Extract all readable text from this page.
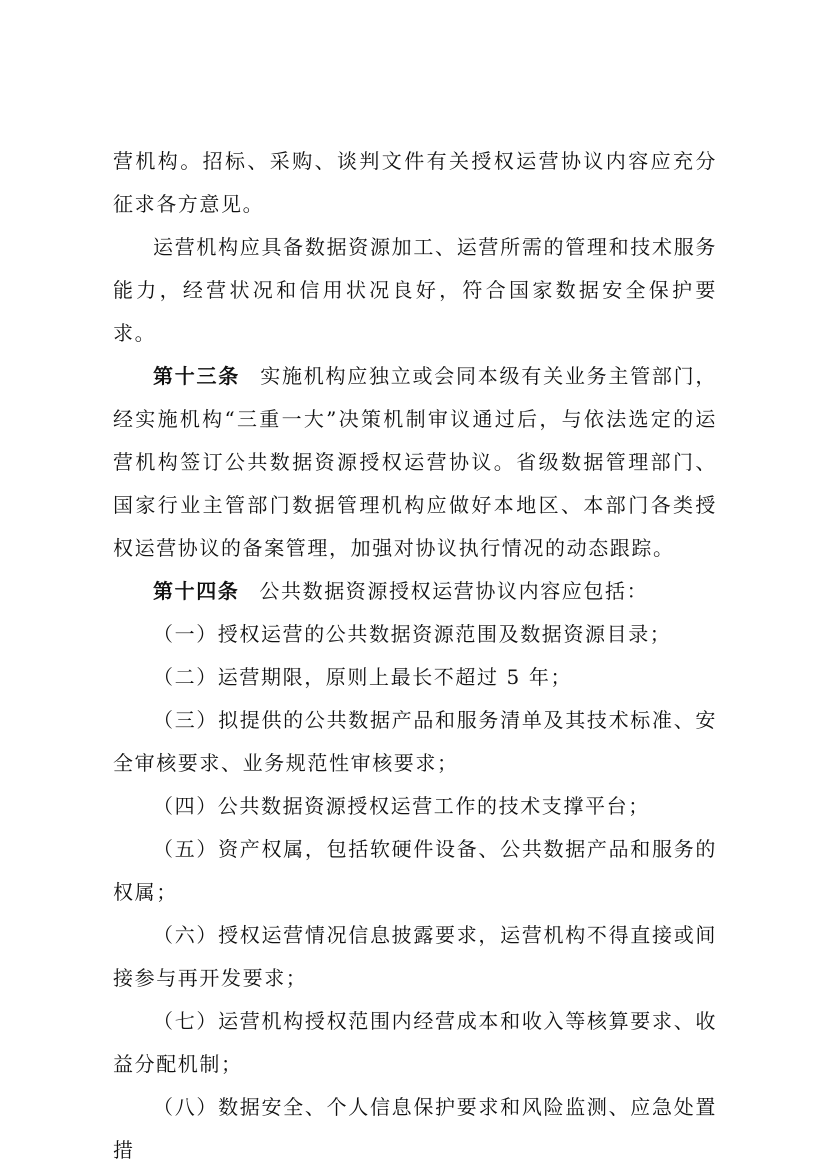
营机构。招标、采购、谈判文件有关授权运营协议内容应充分征求各方意见。

运营机构应具备数据资源加工、运营所需的管理和技术服务能力，经营状况和信用状况良好，符合国家数据安全保护要求。

第十三条 实施机构应独立或会同本级有关业务主管部门，经实施机构“三重一大”决策机制审议通过后，与依法选定的运营机构签订公共数据资源授权运营协议。省级数据管理部门、国家行业主管部门数据管理机构应做好本地区、本部门各类授权运营协议的备案管理，加强对协议执行情况的动态跟踪。

第十四条 公共数据资源授权运营协议内容应包括：

（一）授权运营的公共数据资源范围及数据资源目录；

（二）运营期限，原则上最长不超过 5 年；

（三）拟提供的公共数据产品和服务清单及其技术标准、安全审核要求、业务规范性审核要求；

（四）公共数据资源授权运营工作的技术支撑平台；

（五）资产权属，包括软硬件设备、公共数据产品和服务的权属；

（六）授权运营情况信息披露要求，运营机构不得直接或间接参与再开发要求；

（七）运营机构授权范围内经营成本和收入等核算要求、收益分配机制；

（八）数据安全、个人信息保护要求和风险监测、应急处置措
